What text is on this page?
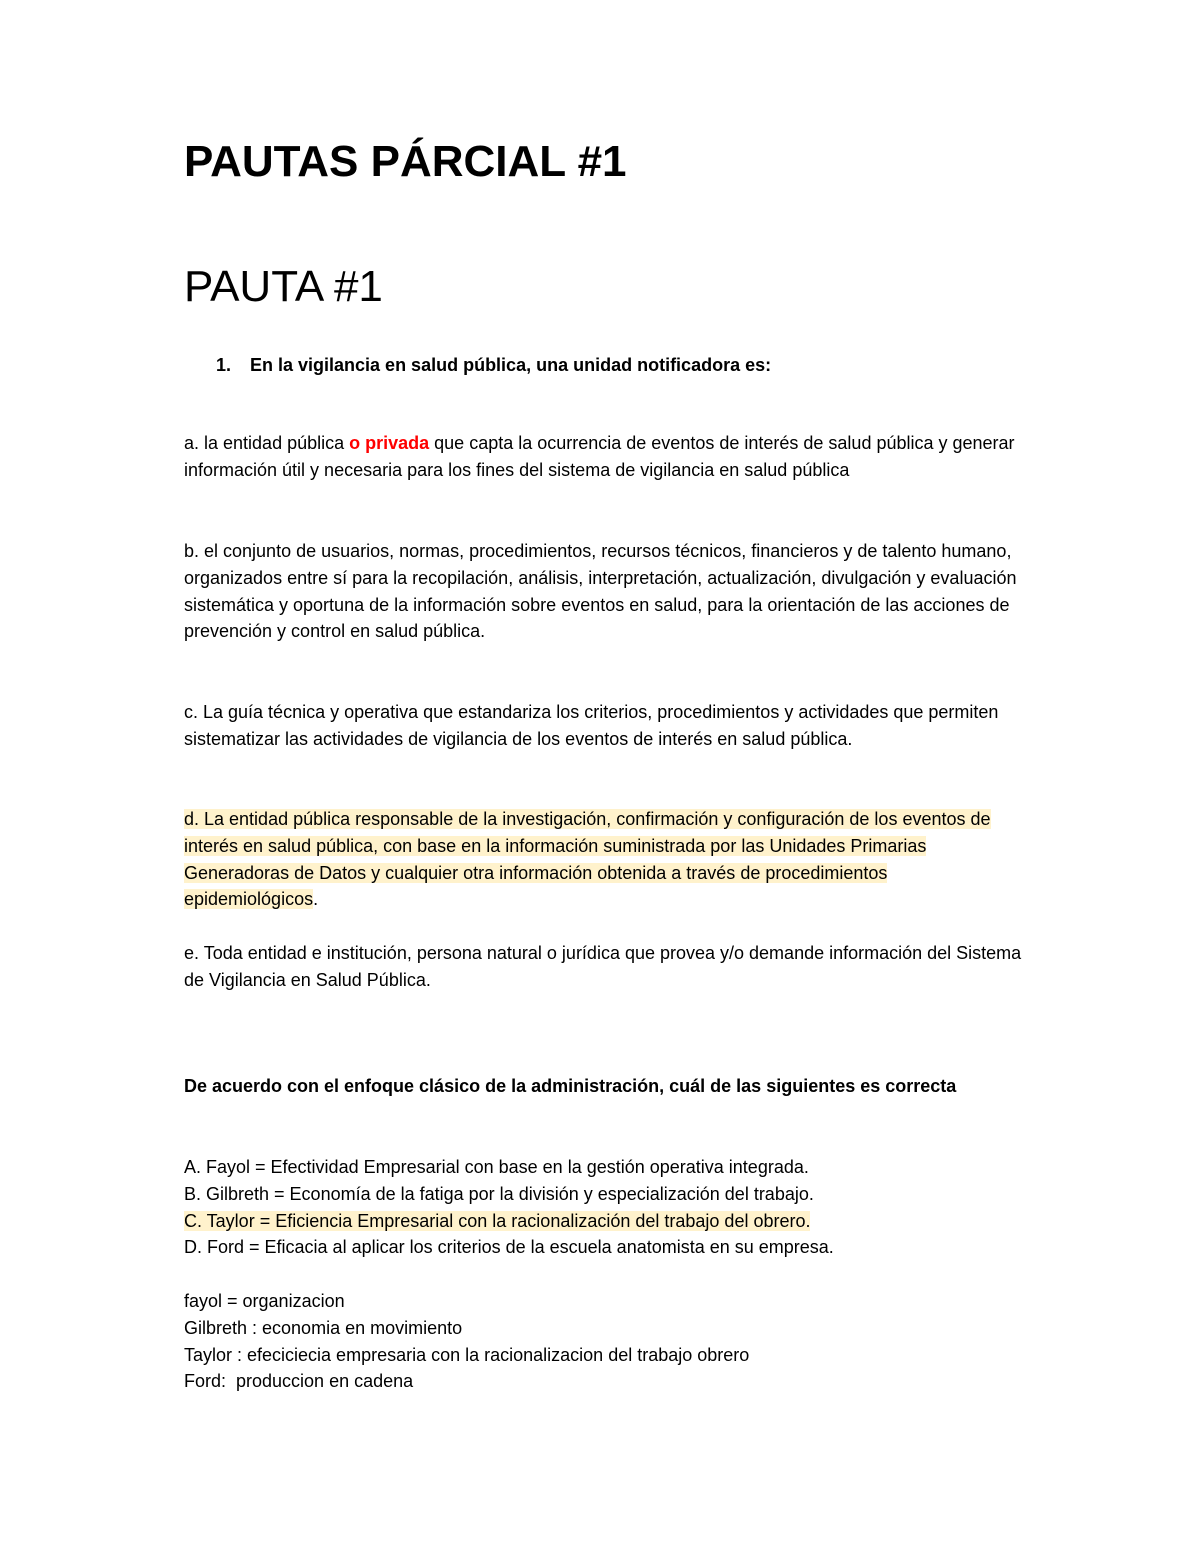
PAUTAS PÁRCIAL #1
PAUTA #1
1. En la vigilancia en salud pública, una unidad notificadora es:

a. la entidad pública o privada que capta la ocurrencia de eventos de interés de salud pública y generar información útil y necesaria para los fines del sistema de vigilancia en salud pública

b. el conjunto de usuarios, normas, procedimientos, recursos técnicos, financieros y de talento humano, organizados entre sí para la recopilación, análisis, interpretación, actualización, divulgación y evaluación sistemática y oportuna de la información sobre eventos en salud, para la orientación de las acciones de prevención y control en salud pública.

c. La guía técnica y operativa que estandariza los criterios, procedimientos y actividades que permiten sistematizar las actividades de vigilancia de los eventos de interés en salud pública.

d. La entidad pública responsable de la investigación, confirmación y configuración de los eventos de interés en salud pública, con base en la información suministrada por las Unidades Primarias Generadoras de Datos y cualquier otra información obtenida a través de procedimientos epidemiológicos.

e. Toda entidad e institución, persona natural o jurídica que provea y/o demande información del Sistema de Vigilancia en Salud Pública.

De acuerdo con el enfoque clásico de la administración, cuál de las siguientes es correcta

A. Fayol = Efectividad Empresarial con base en la gestión operativa integrada.
B. Gilbreth = Economía de la fatiga por la división y especialización del trabajo.
C. Taylor = Eficiencia Empresarial con la racionalización del trabajo del obrero.
D. Ford = Eficacia al aplicar los criterios de la escuela anatomista en su empresa.
fayol = organizacion
Gilbreth : economia en movimiento
Taylor : efeciciecia empresaria con la racionalizacion del trabajo obrero
Ford:  produccion en cadena
